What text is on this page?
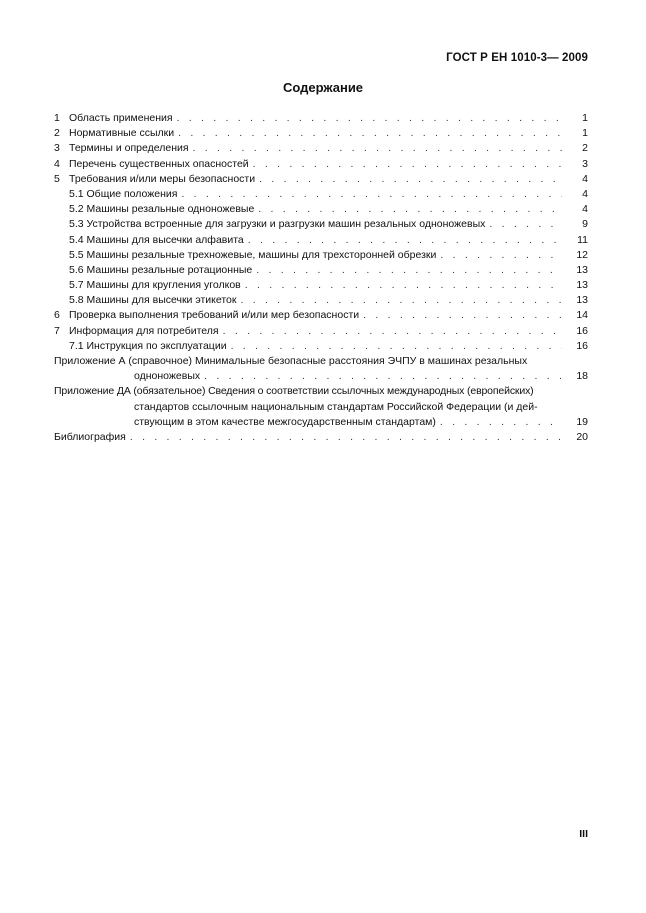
ГОСТ Р ЕН 1010-3— 2009
Содержание
1 Область применения . . .	1
2 Нормативные ссылки . . .	1
3 Термины и определения . . .	2
4 Перечень существенных опасностей . . .	3
5 Требования и/или меры безопасности . . .	4
5.1 Общие положения . . .	4
5.2 Машины резальные одноножевые . . .	4
5.3 Устройства встроенные для загрузки и разгрузки машин резальных одноножевых . . .	9
5.4 Машины для высечки алфавита . . .	11
5.5 Машины резальные трехножевые, машины для трехсторонней обрезки . . .	12
5.6 Машины резальные ротационные . . .	13
5.7 Машины для кругления уголков . . .	13
5.8 Машины для высечки этикеток . . .	13
6 Проверка выполнения требований и/или мер безопасности . . .	14
7 Информация для потребителя . . .	16
7.1 Инструкция по эксплуатации . . .	16
Приложение А (справочное) Минимальные безопасные расстояния ЭЧПУ в машинах резальных
одноножевых . . .	18
Приложение ДА (обязательное) Сведения о соответствии ссылочных международных (европейских)
стандартов ссылочным национальным стандартам Российской Федерации (и дей-
ствующим в этом качестве межгосударственным стандартам) . . .	19
Библиография . . .	20
III
